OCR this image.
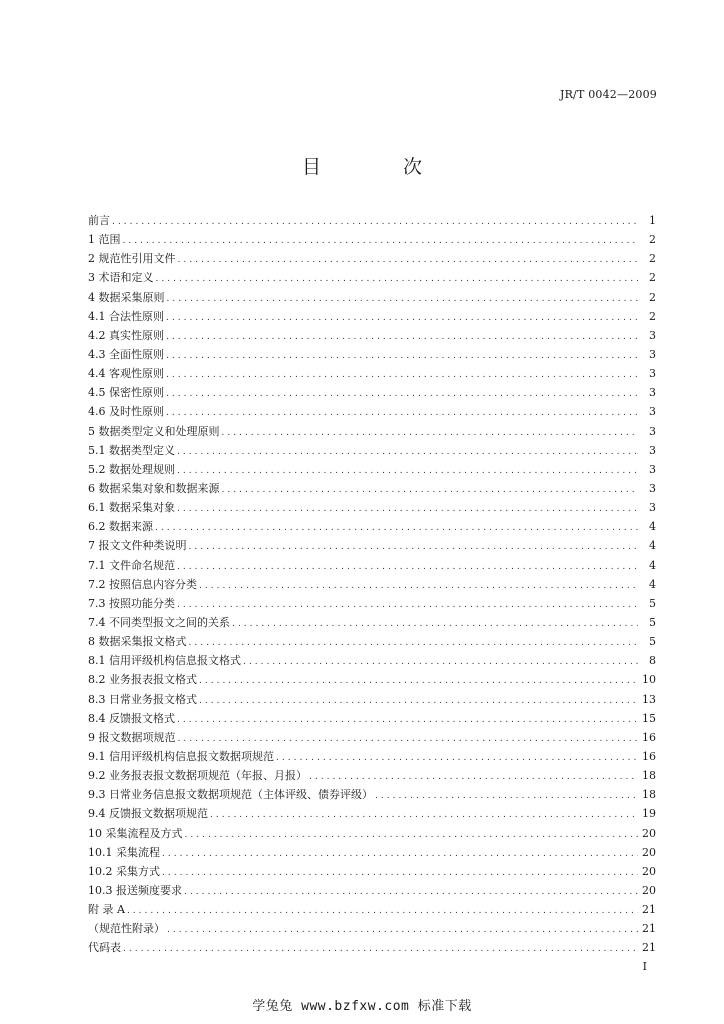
JR/T 0042—2009
目 次
前言 .....	1
1 范围 .....	2
2 规范性引用文件 .....	2
3 术语和定义 .....	2
4 数据采集原则 .....	2
4.1 合法性原则 .....	2
4.2 真实性原则 .....	3
4.3 全面性原则 .....	3
4.4 客观性原则 .....	3
4.5 保密性原则 .....	3
4.6 及时性原则 .....	3
5 数据类型定义和处理原则 .....	3
5.1 数据类型定义 .....	3
5.2 数据处理规则 .....	3
6 数据采集对象和数据来源 .....	3
6.1 数据采集对象 .....	3
6.2 数据来源 .....	4
7 报文文件种类说明 .....	4
7.1 文件命名规范 .....	4
7.2 按照信息内容分类 .....	4
7.3 按照功能分类 .....	5
7.4 不同类型报文之间的关系 .....	5
8 数据采集报文格式 .....	5
8.1 信用评级机构信息报文格式 .....	8
8.2 业务报表报文格式 .....	10
8.3 日常业务报文格式 .....	13
8.4 反馈报文格式 .....	15
9 报文数据项规范 .....	16
9.1 信用评级机构信息报文数据项规范 .....	16
9.2 业务报表报文数据项规范（年报、月报） .....	18
9.3 日常业务信息报文数据项规范（主体评级、债券评级） .....	18
9.4 反馈报文数据项规范 .....	19
10 采集流程及方式 .....	20
10.1 采集流程 .....	20
10.2 采集方式 .....	20
10.3 报送频度要求 .....	20
附 录 A .....	21
（规范性附录） .....	21
代码表 .....	21
I
学兔兔 www.bzfxw.com 标准下载
